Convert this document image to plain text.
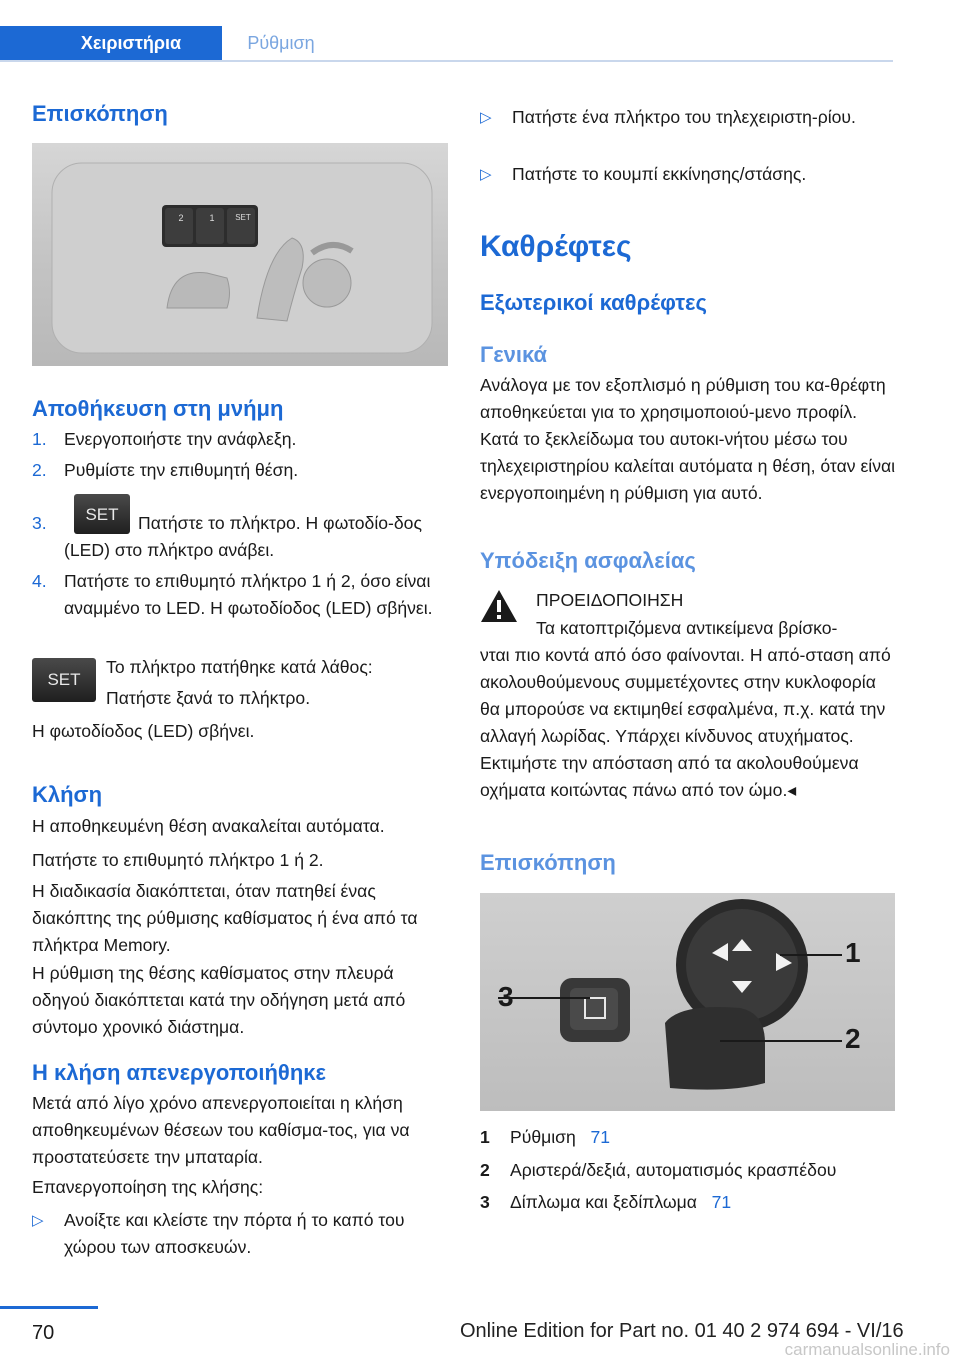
Χειριστήρια	Ρύθμιση
Επισκόπηση
2	1	SET
Αποθήκευση στη μνήμη
1. Ενεργοποιήστε την ανάφλεξη.
2. Ρυθμίστε την επιθυμητή θέση.
3. SET	Πατήστε το πλήκτρο. Η φωτοδίο‐δος (LED) στο πλήκτρο ανάβει.
4. Πατήστε το επιθυμητό πλήκτρο 1 ή 2, όσο είναι αναμμένο το LED. Η φωτοδίοδος (LED) σβήνει.
SET

Το πλήκτρο πατήθηκε κατά λάθος:

Πατήστε ξανά το πλήκτρο.

Η φωτοδίοδος (LED) σβήνει.

Κλήση

Η αποθηκευμένη θέση ανακαλείται αυτόματα.

Πατήστε το επιθυμητό πλήκτρο 1 ή 2.

Η διαδικασία διακόπτεται, όταν πατηθεί ένας διακόπτης της ρύθμισης καθίσματος ή ένα από τα πλήκτρα Memory.

Η ρύθμιση της θέσης καθίσματος στην πλευρά οδηγού διακόπτεται κατά την οδήγηση μετά από σύντομο χρονικό διάστημα.

Η κλήση απενεργοποιήθηκε

Μετά από λίγο χρόνο απενεργοποιείται η κλήση αποθηκευμένων θέσεων του καθίσμα‐τος, για να προστατεύσετε την μπαταρία.

Επανεργοποίηση της κλήσης:

▷ Ανοίξτε και κλείστε την πόρτα ή το καπό του χώρου των αποσκευών.
▷ Πατήστε ένα πλήκτρο του τηλεχειριστη‐ρίου.
▷ Πατήστε το κουμπί εκκίνησης/στάσης.
Καθρέφτες
Εξωτερικοί καθρέφτες
Γενικά

Ανάλογα με τον εξοπλισμό η ρύθμιση του κα‐θρέφτη αποθηκεύεται για το χρησιμοποιού‐μενο προφίλ. Κατά το ξεκλείδωμα του αυτοκι‐νήτου μέσω του τηλεχειριστηρίου καλείται αυτόματα η θέση, όταν είναι ενεργοποιημένη η ρύθμιση για αυτό.

Υπόδειξη ασφαλείας

ΠΡΟΕΙΔΟΠΟΙΗΣΗ

Τα κατοπτριζόμενα αντικείμενα βρίσκο‐

νται πιο κοντά από όσο φαίνονται. Η από‐σταση από ακολουθούμενους συμμετέχοντες στην κυκλοφορία θα μπορούσε να εκτιμηθεί εσφαλμένα, π.χ. κατά την αλλαγή λωρίδας. Υπάρχει κίνδυνος ατυχήματος. Εκτιμήστε την απόσταση από τα ακολουθούμενα οχήματα κοιτώντας πάνω από τον ώμο.◂

Επισκόπηση
1
2
3
1 Ρύθμιση 71
2 Αριστερά/δεξιά, αυτοματισμός κρασπέδου
3 Δίπλωμα και ξεδίπλωμα 71
70	Online Edition for Part no. 01 40 2 974 694 - VI/16
carmanualsonline.info
